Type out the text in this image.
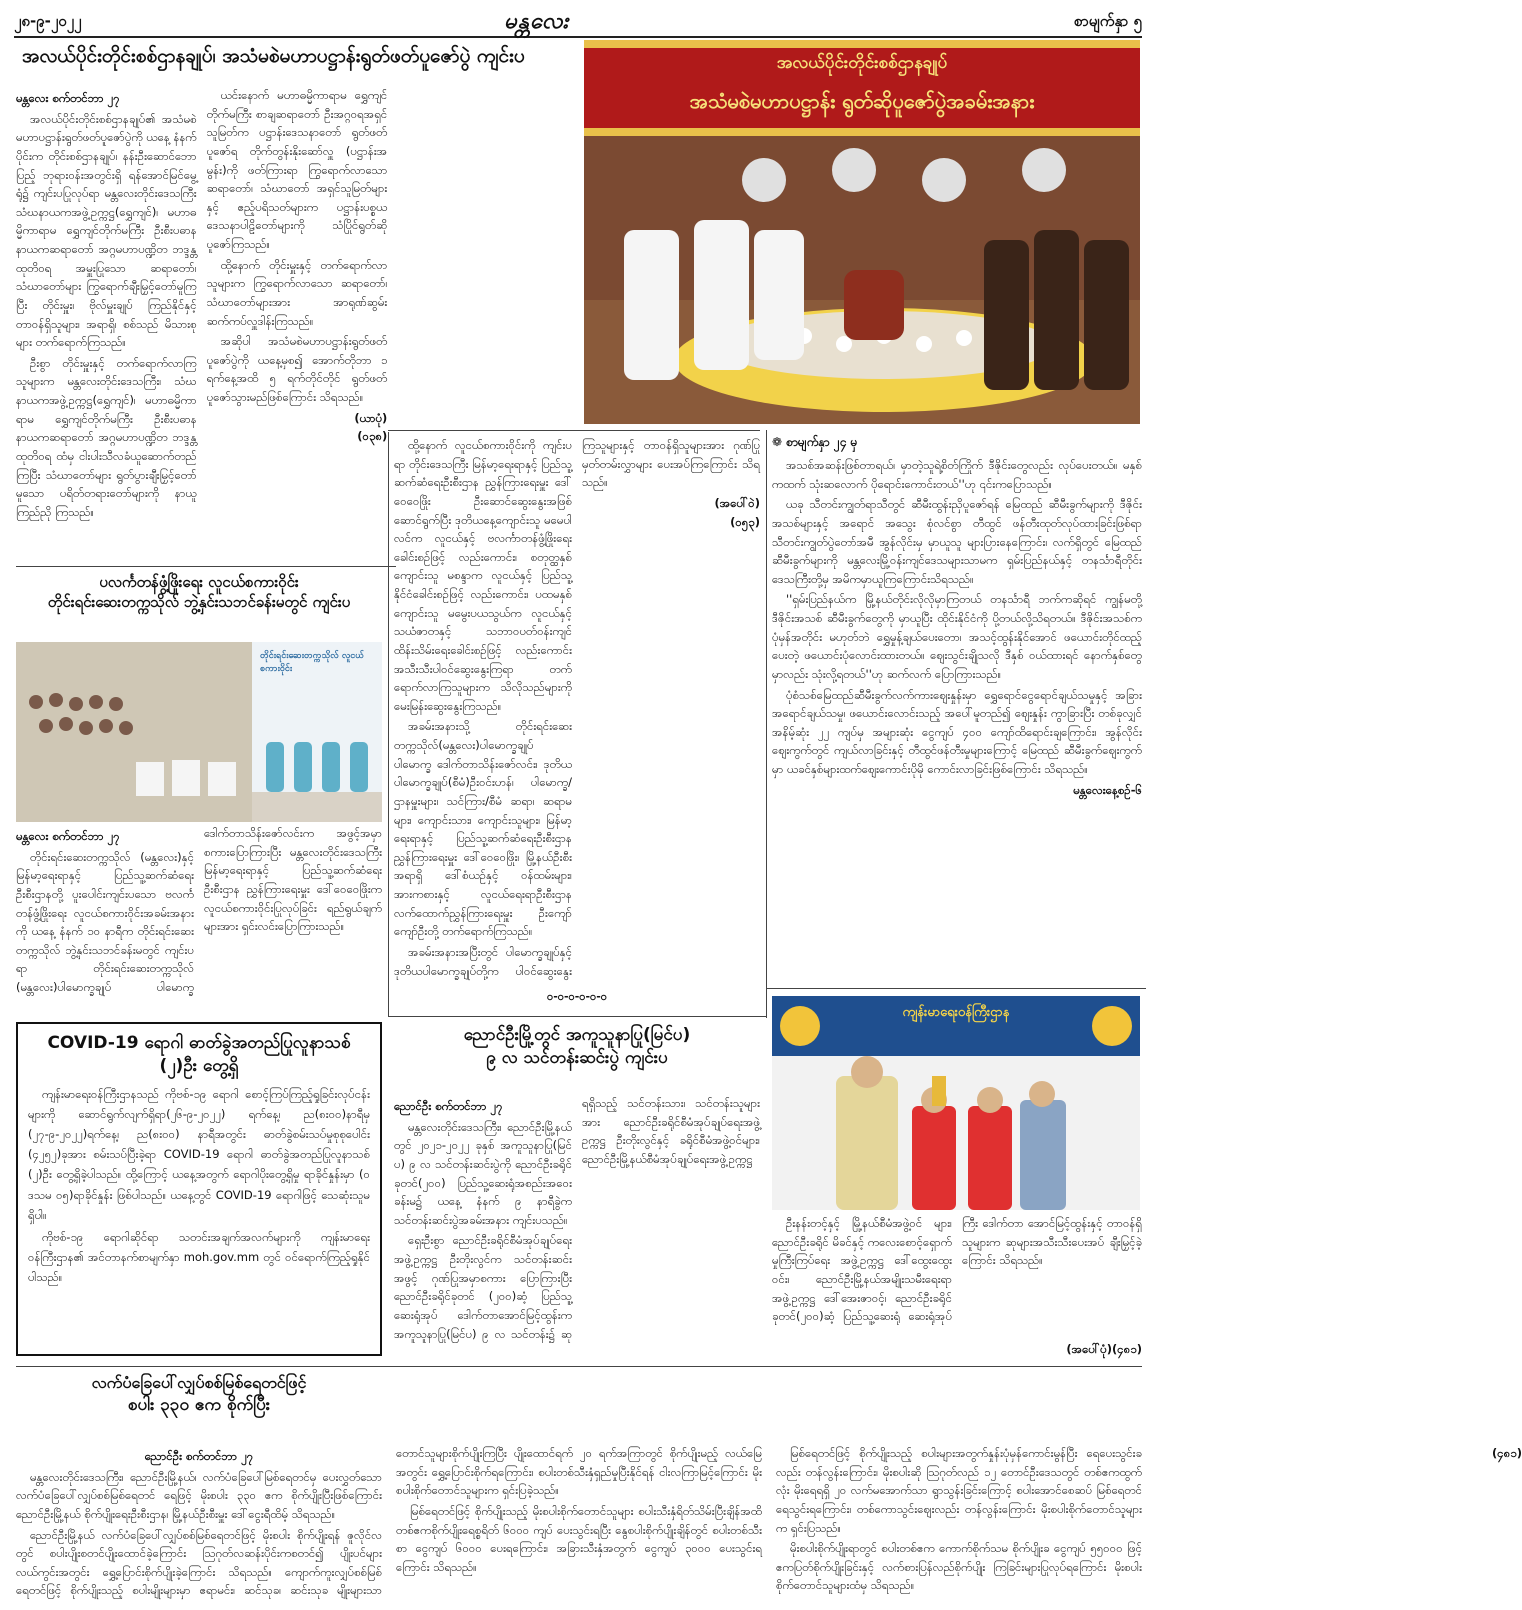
၂၈-၉-၂၀၂၂	မန္တလေး	စာမျက်နှာ ၅
အလယ်ပိုင်းတိုင်းစစ်ဌာနချုပ်၊ အသံမစဲမဟာပဋ္ဌာန်းရွတ်ဖတ်ပူဇော်ပွဲ ကျင်းပ
မန္တလေး စက်တင်ဘာ ၂၇

အလယ်ပိုင်းတိုင်းစစ်ဌာနချုပ်၏ အသံမစဲမဟာပဋ္ဌာန်းရွတ်ဖတ်ပူဇော်ပွဲကို ယနေ့ နံနက်ပိုင်းက တိုင်းစစ်ဌာနချုပ်၊ နန်းဦးဆောင်ဘော ပြည့် ဘုရားဝန်းအတွင်းရှိ ရန်အောင်မြင်မွေ့ရုံ၌ ကျင်းပပြုလုပ်ရာ မန္တလေးတိုင်းဒေသကြီး သံဃနာယကအဖွဲ့ဥက္ကဋ္ဌ(ရွှေကျင်)၊ မဟာဓမ္မိကာရာမ ရွှေကျင်တိုက်မကြီး ဦးစီးပဓာန နာယကဆရာတော် အဂ္ဂမဟာပဏ္ဍိတ ဘဒ္ဒန္တထုတိဝရ အမှူးပြုသော ဆရာတော်၊ သံဃာတော်များ ကြွရောက်ချီးမြှင့်တော်မူကြပြီး တိုင်းမှူး၊ ဗိုလ်မှူးချုပ် ကြည်နိုင်နှင့် တာဝန်ရှိသူများ၊ အရာရှိ၊ စစ်သည် မိသားစုများ တက်ရောက်ကြသည်။

ဦးစွာ တိုင်းမှူးနှင့် တက်ရောက်လာကြသူများက မန္တလေးတိုင်းဒေသကြီး၊ သံဃနာယကအဖွဲ့ဥက္ကဋ္ဌ(ရွှေကျင်)၊ မဟာဓမ္မိကာရာမ ရွှေကျင်တိုက်မကြီး ဦးစီးပဓာန နာယကဆရာတော် အဂ္ဂမဟာပဏ္ဍိတ ဘဒ္ဒန္တထုတိဝရ ထံမှ ငါးပါးသီလခံယူဆောက်တည်ကြပြီး သံဃာတော်များ ရွတ်ပွားချီးမြှင့်တော်မူသော ပရိတ်တရားတော်များကို နာယူကြည်ညို ကြသည်။

ယင်းနောက် မဟာဓမ္မိကာရာမ ရွှေကျင်တိုက်မကြီး စာချဆရာတော် ဦးအဂ္ဂဝရအရှင်သူမြတ်က ပဋ္ဌာန်းဒေသနာတော် ရွတ်ဖတ်ပူဇော်ရ တိုက်တွန်းနိုးဆော်လှူ (ပဋ္ဌာန်းအမွန်း)ကို ဖတ်ကြားရာ ကြွရောက်လာသော ဆရာတော်၊ သံဃာတော် အရှင်သူမြတ်များနှင့် ဧည့်ပရိသတ်များက ပဋ္ဌာန်းပစ္စယဒေသနာပါဠိတော်များကို သံပြိုင်ရွတ်ဆိုပူဇော်ကြသည်။

ထို့နောက် တိုင်းမှူးနှင့် တက်ရောက်လာသူများက ကြွရောက်လာသော ဆရာတော်၊ သံဃာတော်များအား အာရုဏ်ဆွမ်း ဆက်ကပ်လှူဒါန်းကြသည်။

အဆိုပါ အသံမစဲမဟာပဋ္ဌာန်းရွတ်ဖတ်ပူဇော်ပွဲကို ယနေ့မှစ၍ အောက်တိုဘာ ၁ ရက်နေ့အထိ ၅ ရက်တိုင်တိုင် ရွတ်ဖတ်ပူဇော်သွားမည်ဖြစ်ကြောင်း သိရသည်။

(ယာပုံ)
(၀၃၈)
အလယ်ပိုင်းတိုင်းစစ်ဌာနချုပ်
အသံမစဲမဟာပဋ္ဌာန်း ရွတ်ဆိုပူဇော်ပွဲအခမ်းအနား
ပလင်္ကတန်ဖွံ့ဖြိုးရေး လူငယ်စကားဝိုင်း
တိုင်းရင်းဆေးတက္ကသိုလ် ဘွဲ့နှင်းသဘင်ခန်းမတွင် ကျင်းပ
တိုင်းရင်းဆေးတက္ကသိုလ် လူငယ်စကားဝိုင်း
မန္တလေး စက်တင်ဘာ ၂၇

တိုင်းရင်းဆေးတက္ကသိုလ် (မန္တလေး)နှင့် မြန်မာ့ရေးရာနှင့် ပြည်သူ့ဆက်ဆံရေးဦးစီးဌာနတို့ ပူးပေါင်းကျင်းပသော ဗလင်္ကတန်ဖွံ့ဖြိုးရေး လူငယ်စကားဝိုင်းအခမ်းအနားကို ယနေ့ နံနက် ၁၀ နာရီက တိုင်းရင်းဆေးတက္ကသိုလ် ဘွဲ့နှင်းသဘင်ခန်းမတွင် ကျင်းပရာ တိုင်းရင်းဆေးတက္ကသိုလ် (မန္တလေး)ပါမောက္ခချုပ် ပါမောက္ခ ဒေါက်တာသိန်းဇော်လင်းက အဖွင့်အမှာစကားပြောကြားပြီး မန္တလေးတိုင်းဒေသကြီး မြန်မာ့ရေးရာနှင့် ပြည်သူ့ဆက်ဆံရေးဦးစီးဌာန ညွှန်ကြားရေးမှူး ဒေါ်ဝေဝေဖြိုးက လူငယ်စကားဝိုင်းပြုလုပ်ခြင်း ရည်ရွယ်ချက်များအား ရှင်းလင်းပြောကြားသည်။

ထို့နောက် လူငယ်စကားဝိုင်းကို ကျင်းပရာ တိုင်းဒေသကြီး မြန်မာ့ရေးရာနှင့် ပြည်သူ့ဆက်ဆံရေးဦးစီးဌာန ညွှန်ကြားရေးမှူး ဒေါ်ဝေဝေဖြိုး ဦးဆောင်ဆွေးနွေးအဖြစ် ဆောင်ရွက်ပြီး ဒုတိယနေ့ကျောင်းသူ မမေပါလင်က လူငယ်နှင့် ဗလင်္ကာတန်ဖွံ့ဖြိုးရေးခေါင်းစဉ်ဖြင့် လည်းကောင်း၊ စတုတ္ထနှစ် ကျောင်းသူ မစန္ဒာက လူငယ်နှင့် ပြည်သူ့နိုင်ငံခေါင်းစဉ်ဖြင့် လည်းကောင်း၊ ပထမနှစ် ကျောင်းသူ မမွေးပယသွယ်က လူငယ်နှင့် သယံဇာတနှင့် သဘာဝပတ်ဝန်းကျင်ထိန်းသိမ်းရေးခေါင်းစဉ်ဖြင့် လည်းကောင်း အသီးသီးပါဝင်ဆွေးနွေးကြရာ တက်ရောက်လာကြသူများက သိလိုသည်များကို မေးမြန်းဆွေးနွေးကြသည်။

အခမ်းအနားသို့ တိုင်းရင်းဆေးတက္ကသိုလ်(မန္တလေး)ပါမောက္ခချုပ် ပါမောက္ခ ဒေါက်တာသိန်းဇော်လင်း၊ ဒုတိယပါမောက္ခချုပ်(စီမံ)ဦးဝင်းဟန်၊ ပါမောက္ခ/ဌာနမှူးများ၊ သင်ကြား/စီမံ ဆရာ၊ ဆရာမများ၊ ကျောင်းသား၊ ကျောင်းသူများ၊ မြန်မာ့ရေးရာနှင့် ပြည်သူ့ဆက်ဆံရေးဦးစီးဌာန ညွှန်ကြားရေးမှူး ဒေါ်ဝေဝေဖြိုး၊ မြို့နယ်ဦးစီးအရာရှိ ဒေါ်စံယဉ်နှင့် ဝန်ထမ်းများ၊ အားကစားနှင့် လူငယ်ရေးရာဦးစီးဌာန လက်ထောက်ညွှန်ကြားရေးမှူး ဦးကျော်ကျော်ဦးတို့ တက်ရောက်ကြသည်။

အခမ်းအနားအပြီးတွင် ပါမောက္ခချုပ်နှင့် ဒုတိယပါမောက္ခချုပ်တို့က ပါဝင်ဆွေးနွေးကြသူများနှင့် တာဝန်ရှိသူများအား ဂုဏ်ပြုမှတ်တမ်းလွှာများ ပေးအပ်ကြကြောင်း သိရသည်။

(အပေါ်ဝဲ)
(၀၅၃)
၀-၀-၀-၀-၀-၀
❁ စာမျက်နှာ ၂၄ မှ

အသစ်အဆန်းဖြစ်တာရယ်၊ မှာတဲ့သူရဲ့စိတ်ကြိုက် ဒီဇိုင်းတွေလည်း လုပ်ပေးတယ်။ မနှစ်ကထက် သုံးဆလောက် ပိုရောင်းကောင်းတယ်''ဟု ၎င်းကပြောသည်။

ယခု သီတင်းကျွတ်ရာသီတွင် ဆီမီးထွန်းညှိပူဇော်ရန် မြေထည် ဆီမီးခွက်များကို ဒီဇိုင်းအသစ်များနှင့် အရောင် အသွေး စုံလင်စွာ တီထွင် ဖန်တီးထုတ်လုပ်ထားခြင်းဖြစ်ရာ သီတင်းကျွတ်ပွဲတော်အမီ အွန်လိုင်းမှ မှာယူသူ များပြားနေကြောင်း၊ လက်ရှိတွင် မြေထည် ဆီမီးခွက်များကို မန္တလေးမြို့ဝန်းကျင်ဒေသများသာမက ရှမ်းပြည်နယ်နှင့် တနင်္သာရီတိုင်းဒေသကြီးတို့မှ အမိကမှာယူကြကြောင်းသိရသည်။

''ရှမ်းပြည်နယ်က မြို့နယ်တိုင်းလိုလိုမှာကြတယ် တနင်္သာရီ ဘက်ကဆိုရင် ကျွန်မတို့ ဒီဇိုင်းအသစ် ဆီမီးခွက်တွေကို မှာယူပြီး ထိုင်းနိုင်ငံကို ပို့တယ်လို့သိရတယ်။ ဒီဇိုင်းအသစ်က ပုံမှန်အတိုင်း မဟုတ်ဘဲ ရွှေမှုန့်ချယ်ပေးတော၊ အသင့်ထွန်းနိုင်အောင် ဖယောင်းတိုင်ထည့်ပေးတဲ့ ဖယောင်းပုံလောင်းထားတယ်။ ဈေးသွင်းချိုသလို ဒီနှစ် ဝယ်ထားရင် နောက်နှစ်တွေမှာလည်း သုံးလို့ရတယ်''ဟု ဆက်လက် ပြောကြားသည်။

ပုံစံသစ်မြေထည်ဆီမီးခွက်လက်ကားဈေးနှုန်းမှာ ရွှေရောင်ငွေရောင်ချယ်သမှုနှင့် အခြား အရောင်ချယ်သမှု၊ ဖယောင်းလောင်းသည့် အပေါ်မူတည်၍ ဈေးနှုန်း ကွာခြားပြီး တစ်ခုလျှင်အနိမ့်ဆုံး ၂၂ ကျပ်မှ အများဆုံး ငွေကျပ် ၄၀၀ ကျော်ထိရောင်းချကြောင်း၊ အွန်လိုင်းဈေးကွက်တွင် ကျယ်လာခြင်းနှင့် တီထွင်ဖန်တီးမှုများကြောင့် မြေထည် ဆီမီးခွက်ဈေးကွက်မှာ ယခင်နှစ်များထက်ဈေးကောင်းပိုမို ကောင်းလာခြင်းဖြစ်ကြောင်း သိရသည်။

မန္တလေးနေ့စဉ်-၆
COVID-19 ရောဂါ ဓာတ်ခွဲအတည်ပြုလူနာသစ် (၂)ဦး တွေ့ရှိ

ကျန်းမာရေးဝန်ကြီးဌာနသည် ကိုဗစ်-၁၉ ရောဂါ စောင့်ကြပ်ကြည့်ရှုခြင်းလုပ်ငန်းများကို ဆောင်ရွက်လျက်ရှိရာ(၂၆-၉-၂၀၂၂) ရက်နေ့၊ ည(၈း၀၀)နာရီမှ (၂၇-၉-၂၀၂၂)ရက်နေ့၊ ည(၈း၀၀) နာရီအတွင်း ဓာတ်ခွဲစမ်းသပ်မှုစုစုပေါင်း (၄၂၅၂)ခုအား စမ်းသပ်ပြီးခဲ့ရာ COVID-19 ရောဂါ ဓာတ်ခွဲအတည်ပြုလူနာသစ် (၂)ဦး တွေ့ရှိခဲ့ပါသည်။ ထို့ကြောင့် ယနေ့အတွက် ရောဂါပိုးတွေ့ရှိမှု ရာခိုင်နှုန်းမှာ (၀ ဒသမ ၀၅)ရာခိုင်နှုန်း ဖြစ်ပါသည်။ ယနေ့တွင် COVID-19 ရောဂါဖြင့် သေဆုံးသူမရှိပါ။

ကိုဗစ်-၁၉ ရောဂါဆိုင်ရာ သတင်းအချက်အလက်များကို ကျန်းမာရေးဝန်ကြီးဌာန၏ အင်တာနက်စာမျက်နှာ moh.gov.mm တွင် ဝင်ရောက်ကြည့်ရှုနိုင်ပါသည်။

ညောင်ဦးမြို့တွင် အကူသူနာပြု(မြင်ပ)
၉ လ သင်တန်းဆင်းပွဲ ကျင်းပ
ညောင်ဦး စက်တင်ဘာ ၂၇

မန္တလေးတိုင်းဒေသကြီး၊ ညောင်ဦးမြို့နယ်တွင် ၂၀၂၁-၂၀၂၂ ခုနှစ် အကူသူနာပြု(မြင်ပ) ၉ လ သင်တန်းဆင်းပွဲကို ညောင်ဦးခရိုင် ခုတင်(၂၀၀) ပြည်သူ့ဆေးရုံအစည်းအဝေးခန်းမ၌ ယနေ့ နံနက် ၉ နာရီခွဲက သင်တန်းဆင်းပွဲအခမ်းအနား ကျင်းပသည်။

ရှေးဦးစွာ ညောင်ဦးခရိုင်စီမံအုပ်ချုပ်ရေးအဖွဲ့ဥက္ကဋ္ဌ ဦးတိုးလွင်က သင်တန်းဆင်းအဖွင့် ဂုဏ်ပြုအမှာစကား ပြောကြားပြီး ညောင်ဦးခရိုင်ခုတင် (၂၀၀)ဆံ့ ပြည်သူ့ဆေးရုံအုပ် ဒေါက်တာအောင်မြင့်ထွန်းက အကူသူနာပြု(မြင်ပ) ၉ လ သင်တန်း၌ ဆုရရှိသည့် သင်တန်းသား၊ သင်တန်းသူများအား ညောင်ဦးခရိုင်စီမံအုပ်ချုပ်ရေးအဖွဲ့ဥက္ကဋ္ဌ ဦးတိုးလွင်နှင့် ခရိုင်စီမံအဖွဲ့ဝင်များ၊ ညောင်ဦးမြို့နယ်စီမံအုပ်ချုပ်ရေးအဖွဲ့ဥက္ကဋ္ဌ

ကျန်းမာရေးဝန်ကြီးဌာန

ဦးနန်းတင့်နှင့် မြို့နယ်စီမံအဖွဲ့ဝင် များ၊ ညောင်ဦးခရိုင် မိခင်နှင့် ကလေးစောင့်ရှောက်မှုကြီးကြပ်ရေး အဖွဲ့ဥက္ကဋ္ဌ ဒေါ်ထွေးထွေးဝင်း၊ ညောင်ဦးမြို့နယ်အမျိုးသမီးရေးရာ အဖွဲ့ဥက္ကဋ္ဌ ဒေါ်အေးဇာဝင့်၊ ညောင်ဦးခရိုင် ခုတင်(၂၀၀)ဆံ့ ပြည်သူ့ဆေးရုံ ဆေးရုံအုပ်ကြီး ဒေါက်တာ အောင်မြင့်ထွန်းနှင့် တာဝန်ရှိသူများက ဆုများအသီးသီးပေးအပ် ချီးမြှင့်ခဲ့ကြောင်း သိရသည်။

(အပေါ်ပုံ)(၄၈၁)
လက်ပံခြေပေါ်လျှပ်စစ်မြစ်ရေတင်ဖြင့်
စပါး ၃၃၀ ဧက စိုက်ပြီး
ညောင်ဦး စက်တင်ဘာ ၂၇

မန္တလေးတိုင်းဒေသကြီး၊ ညောင်ဦးမြို့နယ်၊ လက်ပံခြေပေါ်မြစ်ရေတင်မှ ပေးလွှတ်သော လက်ပံခြေပေါ်လျှပ်စစ်မြစ်ရေတင် ရေဖြင့် မိုးစပါး ၃၃၀ ဧက စိုက်ပျိုးပြီးဖြစ်ကြောင်း ညောင်ဦးမြို့နယ် စိုက်ပျိုးရေးဦးစီးဌာန၊ မြို့နယ်ဦးစီးမှူး ဒေါ်ငွေးရီထိမ့် သိရသည်။

ညောင်ဦးမြို့နယ် လက်ပံခြေပေါ်လျှပ်စစ်မြစ်ရေတင်ဖြင့် မိုးစပါး စိုက်ပျိုးရန် ဇူလိုင်လတွင် စပါးပျိုးစတင်ပျိုးထောင်ခဲ့ကြောင်း ဩဂုတ်လဆန်းပိုင်းကစတင်၍ ပျိုးပင်များ လယ်ကွင်းအတွင်း ရွှေ့ပြောင်းစိုက်ပျိုးခဲ့ကြောင်း သိရသည်။ ကျောက်ကူးလျှပ်စစ်မြစ်ရေတင်ဖြင့် စိုက်ပျိုးသည့် စပါးမျိုးများမှာ ဧရာမင်း၊ ဆင်သုခ၊ ဆင်းသုခ မျိုးများသာ တောင်သူများစိုက်ပျိုးကြပြီး ပျိုးထောင်ရက် ၂၀ ရက်အကြာတွင် စိုက်ပျိုးမည့် လယ်မြေအတွင်း ရွှေ့ပြောင်းစိုက်ရကြောင်း၊ စပါးတစ်သီးနှံရှည်မှုပြီးနိုင်ရန် ငါးလကြာမြင့်ကြောင်း မိုးစပါးစိုက်တောင်သူများက ရှင်းပြခဲ့သည်။

မြစ်ရေတင်ဖြင့် စိုက်ပျိုးသည့် မိုးစပါးစိုက်တောင်သူများ စပါးသီးနှံရိတ်သိမ်းပြီးချိန်အထိ တစ်ဧကစိုက်ပျိုးရေစ္စရိတ် ၆၀၀၀ ကျပ် ပေးသွင်းရပြီး နွေစပါးစိုက်ပျိုးချိန်တွင် စပါးတစ်သီးစာ ငွေကျပ် ၆၀၀၀ ပေးရကြောင်း၊ အခြားသီးနှံအတွက် ငွေကျပ် ၃၀၀၀ ပေးသွင်းရကြောင်း သိရသည်။

မြစ်ရေတင်ဖြင့် စိုက်ပျိုးသည့် စပါးများအတွက်နှုန်းပုံမှန်ကောင်းမွန်ပြီး ရေပေးသွင်းခလည်း တန်လွန်းကြောင်း၊ မိုးစပါးဆို ဩဂုတ်လည် ၁၂ တောင်ဦးဒေသတွင် တစ်ဧကထွက်လုံး မိုးရေရရှိ ၂၀ လက်မအောက်သာ ရွာသွန်းခြင်းကြောင့် စပါးအောင်စေဆပ် မြစ်ရေတင်ရေသွင်းရကြောင်း၊ တစ်ကောသွင်းဈေးလည်း တန်လွန်းကြောင်း မိုးစပါးစိုက်တောင်သူများက ရှင်းပြသည်။

မိုးစပါးစိုက်ပျိုးရာတွင် စပါးတစ်ဧက ကောက်စိုက်သမ စိုက်ပျိုးခ ငွေကျပ် ၅၅၀၀၀ ဖြင့် ဧကပြတ်စိုက်ပျိုးခြင်းနှင့် လက်စားပြန်လည်စိုက်ပျိုး ကြခြင်းများပြုလုပ်ရကြောင်း မိုးစပါးစိုက်တောင်သူများထံမှ သိရသည်။

(၄၈၁)
